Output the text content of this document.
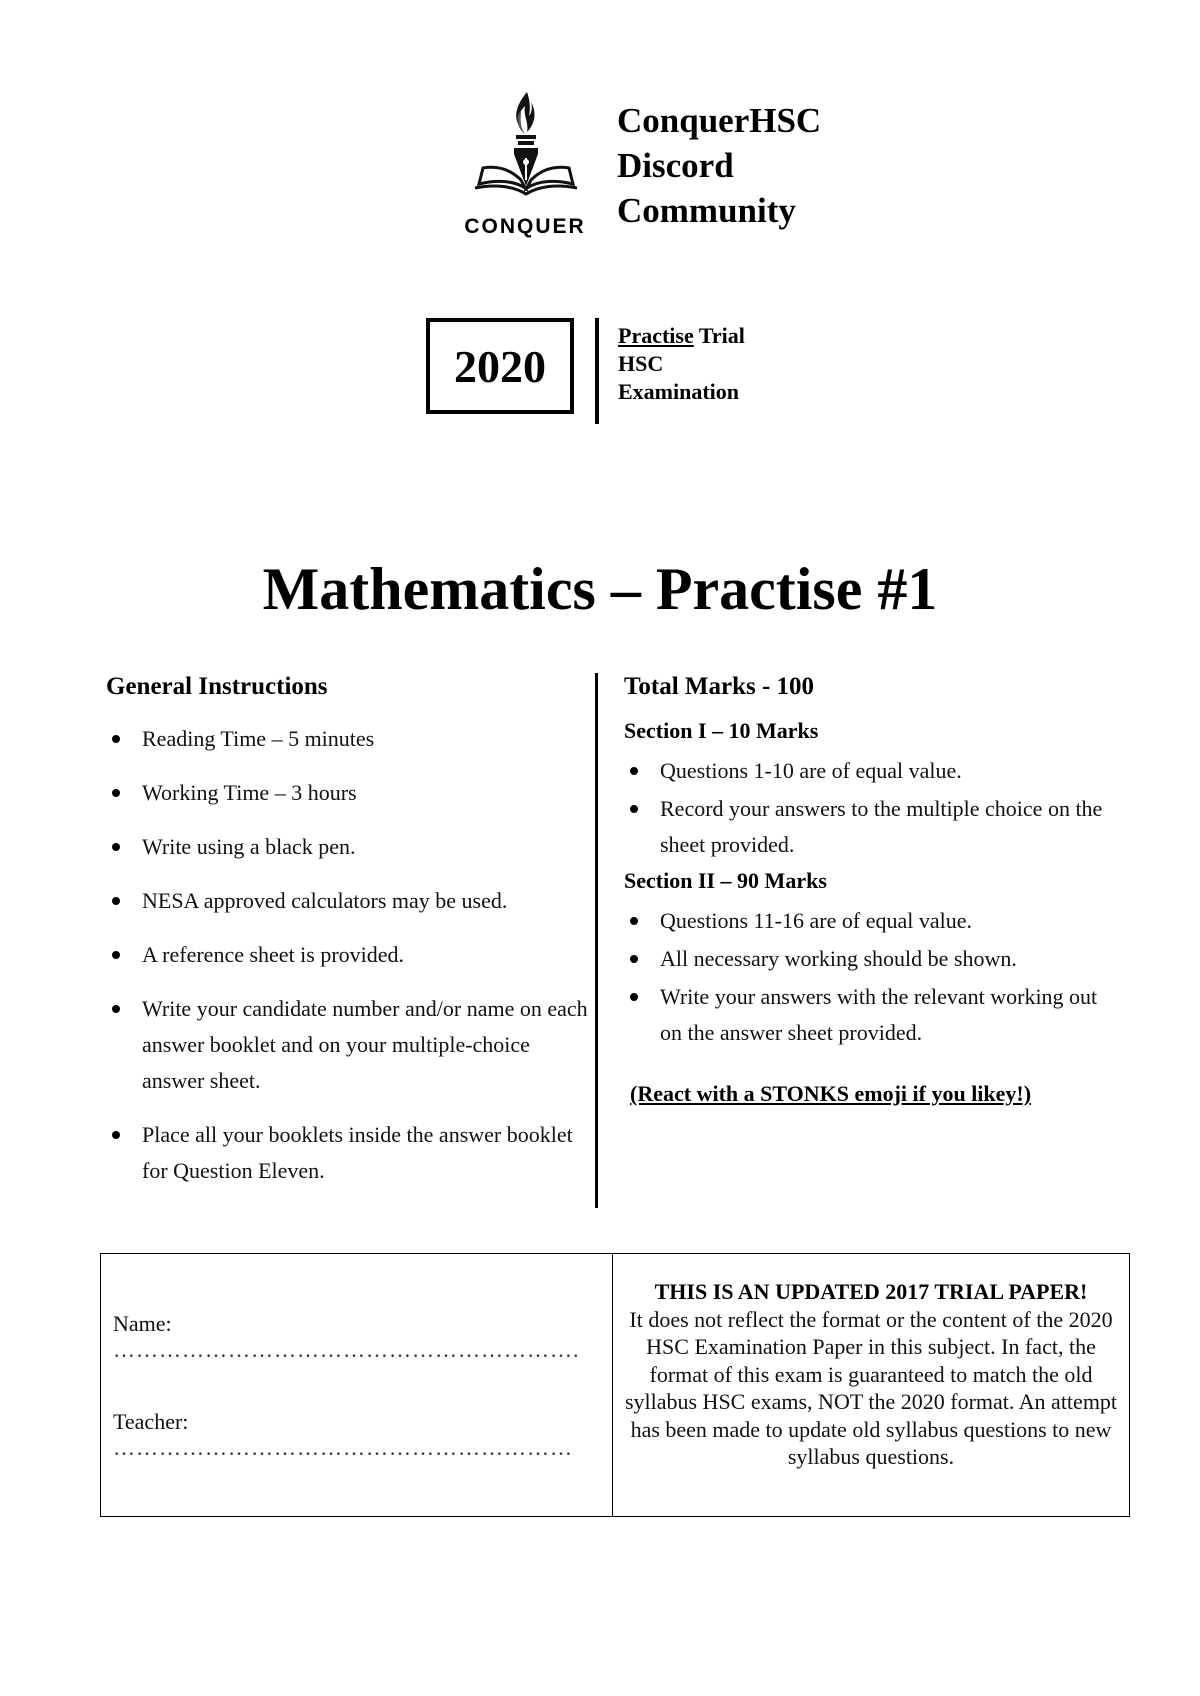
CONQUER
ConquerHSC
Discord
Community
2020
Practise Trial
HSC
Examination
Mathematics – Practise #1
General Instructions
Reading Time – 5 minutes
Working Time – 3 hours
Write using a black pen.
NESA approved calculators may be used.
A reference sheet is provided.
Write your candidate number and/or name on each answer booklet and on your multiple-choice answer sheet.
Place all your booklets inside the answer booklet for Question Eleven.
Total Marks - 100
Section I – 10 Marks
Questions 1-10 are of equal value.
Record your answers to the multiple choice on the sheet provided.
Section II – 90 Marks
Questions 11-16 are of equal value.
All necessary working should be shown.
Write your answers with the relevant working out on the answer sheet provided.
(React with a STONKS emoji if you likey!)
Name:
…………………………………………………….
Teacher:
……………………………………………………
THIS IS AN UPDATED 2017 TRIAL PAPER!
It does not reflect the format or the content of the 2020 HSC Examination Paper in this subject. In fact, the format of this exam is guaranteed to match the old syllabus HSC exams, NOT the 2020 format. An attempt has been made to update old syllabus questions to new syllabus questions.
